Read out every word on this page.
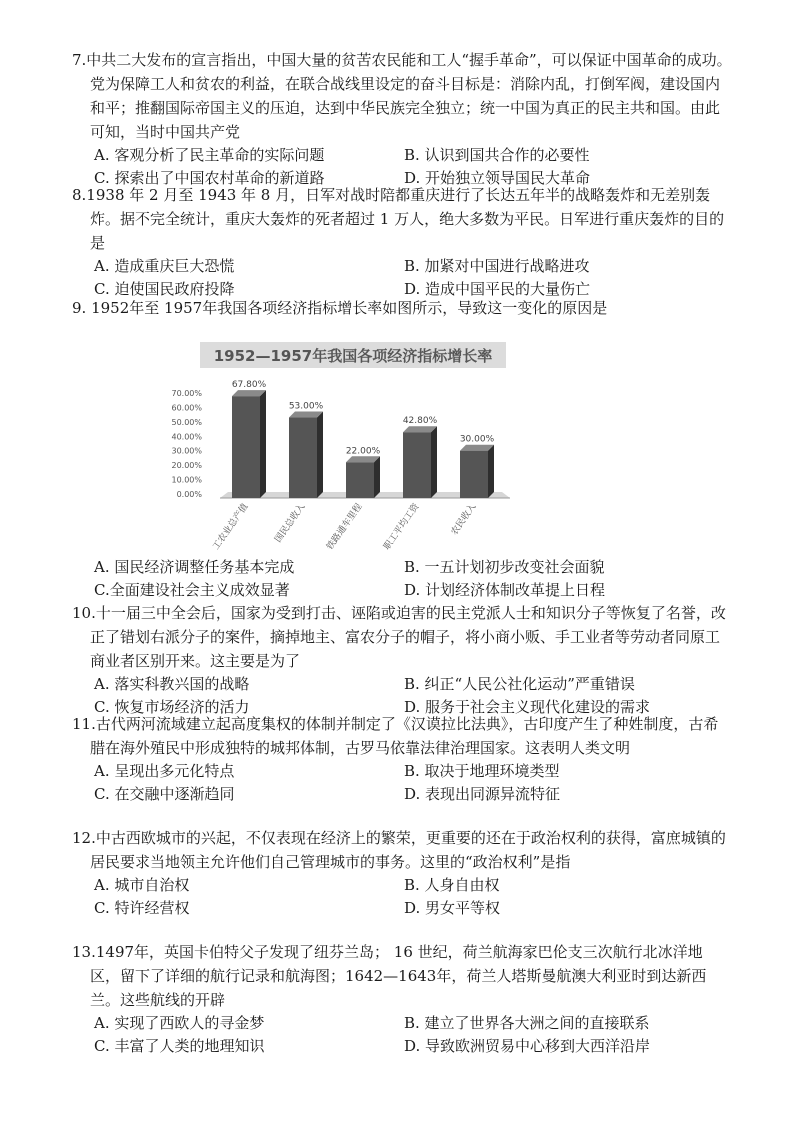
7.中共二大发布的宣言指出，中国大量的贫苦农民能和工人“握手革命”，可以保证中国革命的成功。党为保障工人和贫农的利益，在联合战线里设定的奋斗目标是：消除内乱，打倒军阀，建设国内和平；推翻国际帝国主义的压迫，达到中华民族完全独立；统一中国为真正的民主共和国。由此可知，当时中国共产党

A. 客观分析了民主革命的实际问题	B. 认识到国共合作的必要性
C. 探索出了中国农村革命的新道路	D. 开始独立领导国民大革命

8.1938 年 2 月至 1943 年 8 月，日军对战时陪都重庆进行了长达五年半的战略轰炸和无差别轰炸。据不完全统计，重庆大轰炸的死者超过 1 万人，绝大多数为平民。日军进行重庆轰炸的目的是

A. 造成重庆巨大恐慌	B. 加紧对中国进行战略进攻
C. 迫使国民政府投降	D. 造成中国平民的大量伤亡

9. 1952年至 1957年我国各项经济指标增长率如图所示，导致这一变化的原因是

1952—1957年我国各项经济指标增长率
0.00%
10.00%
20.00%
30.00%
40.00%
50.00%
60.00%
70.00%
67.80%
工农业总产值
53.00%
国民总收入
22.00%
铁路通车里程
42.80%
职工平均工资
30.00%
农民收入
A. 国民经济调整任务基本完成	B. 一五计划初步改变社会面貌
C.全面建设社会主义成效显著	D. 计划经济体制改革提上日程

10.十一届三中全会后，国家为受到打击、诬陷或迫害的民主党派人士和知识分子等恢复了名誉，改正了错划右派分子的案件，摘掉地主、富农分子的帽子，将小商小贩、手工业者等劳动者同原工商业者区别开来。这主要是为了

A. 落实科教兴国的战略	B. 纠正“人民公社化运动”严重错误
C. 恢复市场经济的活力	D. 服务于社会主义现代化建设的需求

11.古代两河流域建立起高度集权的体制并制定了《汉谟拉比法典》，古印度产生了种姓制度，古希腊在海外殖民中形成独特的城邦体制，古罗马依靠法律治理国家。这表明人类文明

A. 呈现出多元化特点	B. 取决于地理环境类型
C. 在交融中逐渐趋同	D. 表现出同源异流特征

12.中古西欧城市的兴起，不仅表现在经济上的繁荣，更重要的还在于政治权利的获得，富庶城镇的居民要求当地领主允许他们自己管理城市的事务。这里的“政治权利”是指

A. 城市自治权	B. 人身自由权
C. 特许经营权	D. 男女平等权

13.1497年，英国卡伯特父子发现了纽芬兰岛； 16 世纪，荷兰航海家巴伦支三次航行北冰洋地区，留下了详细的航行记录和航海图；1642—1643年，荷兰人塔斯曼航澳大利亚时到达新西兰。这些航线的开辟

A. 实现了西欧人的寻金梦	B. 建立了世界各大洲之间的直接联系
C. 丰富了人类的地理知识	D. 导致欧洲贸易中心移到大西洋沿岸
